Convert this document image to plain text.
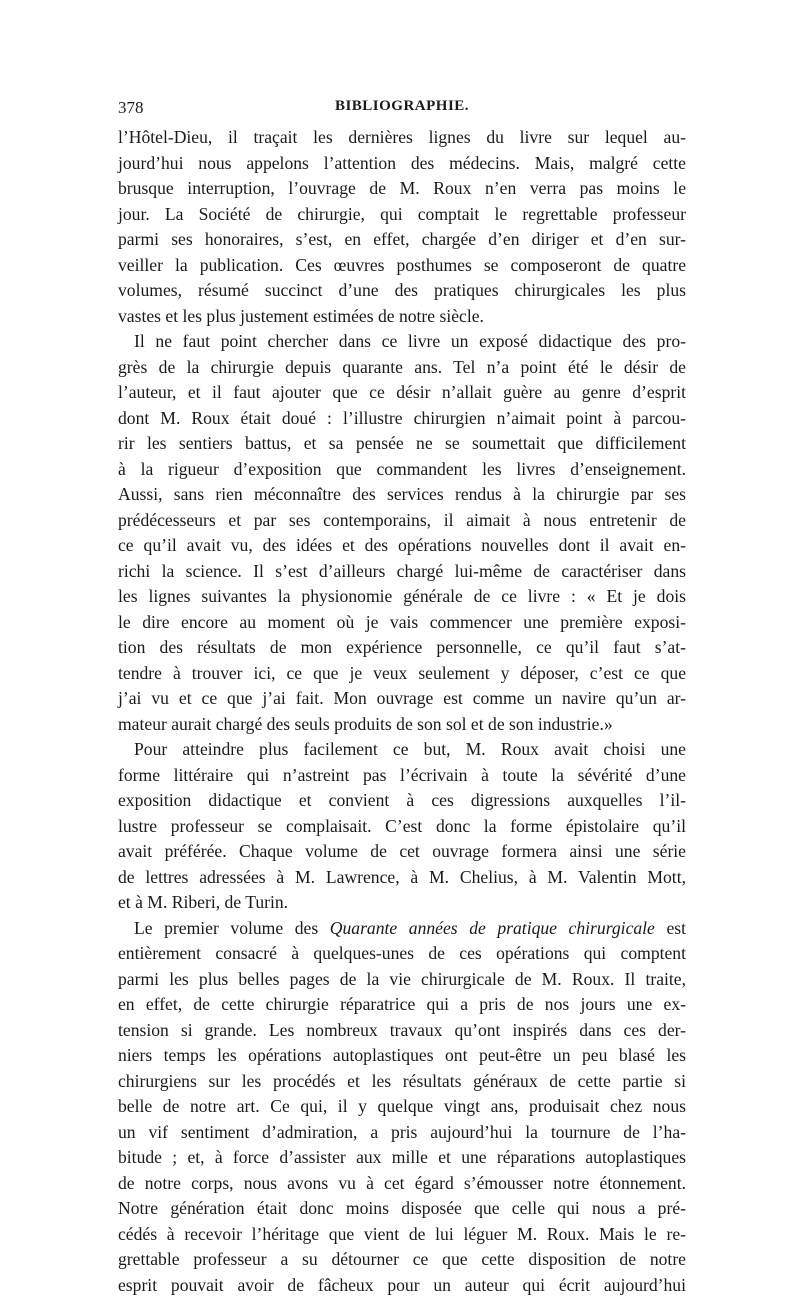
378	BIBLIOGRAPHIE.
l’Hôtel-Dieu, il traçait les dernières lignes du livre sur lequel au-
jourd’hui nous appelons l’attention des médecins. Mais, malgré cette
brusque interruption, l’ouvrage de M. Roux n’en verra pas moins le
jour. La Société de chirurgie, qui comptait le regrettable professeur
parmi ses honoraires, s’est, en effet, chargée d’en diriger et d’en sur-
veiller la publication. Ces œuvres posthumes se composeront de quatre
volumes, résumé succinct d’une des pratiques chirurgicales les plus
vastes et les plus justement estimées de notre siècle.
Il ne faut point chercher dans ce livre un exposé didactique des pro-
grès de la chirurgie depuis quarante ans. Tel n’a point été le désir de
l’auteur, et il faut ajouter que ce désir n’allait guère au genre d’esprit
dont M. Roux était doué : l’illustre chirurgien n’aimait point à parcou-
rir les sentiers battus, et sa pensée ne se soumettait que difficilement
à la rigueur d’exposition que commandent les livres d’enseignement.
Aussi, sans rien méconnaître des services rendus à la chirurgie par ses
prédécesseurs et par ses contemporains, il aimait à nous entretenir de
ce qu’il avait vu, des idées et des opérations nouvelles dont il avait en-
richi la science. Il s’est d’ailleurs chargé lui-même de caractériser dans
les lignes suivantes la physionomie générale de ce livre : « Et je dois
le dire encore au moment où je vais commencer une première exposi-
tion des résultats de mon expérience personnelle, ce qu’il faut s’at-
tendre à trouver ici, ce que je veux seulement y déposer, c’est ce que
j’ai vu et ce que j’ai fait. Mon ouvrage est comme un navire qu’un ar-
mateur aurait chargé des seuls produits de son sol et de son industrie.»
Pour atteindre plus facilement ce but, M. Roux avait choisi une
forme littéraire qui n’astreint pas l’écrivain à toute la sévérité d’une
exposition didactique et convient à ces digressions auxquelles l’il-
lustre professeur se complaisait. C’est donc la forme épistolaire qu’il
avait préférée. Chaque volume de cet ouvrage formera ainsi une série
de lettres adressées à M. Lawrence, à M. Chelius, à M. Valentin Mott,
et à M. Riberi, de Turin.
Le premier volume des Quarante années de pratique chirurgicale est
entièrement consacré à quelques-unes de ces opérations qui comptent
parmi les plus belles pages de la vie chirurgicale de M. Roux. Il traite,
en effet, de cette chirurgie réparatrice qui a pris de nos jours une ex-
tension si grande. Les nombreux travaux qu’ont inspirés dans ces der-
niers temps les opérations autoplastiques ont peut-être un peu blasé les
chirurgiens sur les procédés et les résultats généraux de cette partie si
belle de notre art. Ce qui, il y quelque vingt ans, produisait chez nous
un vif sentiment d’admiration, a pris aujourd’hui la tournure de l’ha-
bitude ; et, à force d’assister aux mille et une réparations autoplastiques
de notre corps, nous avons vu à cet égard s’émousser notre étonnement.
Notre génération était donc moins disposée que celle qui nous a pré-
cédés à recevoir l’héritage que vient de lui léguer M. Roux. Mais le re-
grettable professeur a su détourner ce que cette disposition de notre
esprit pouvait avoir de fâcheux pour un auteur qui écrit aujourd’hui
